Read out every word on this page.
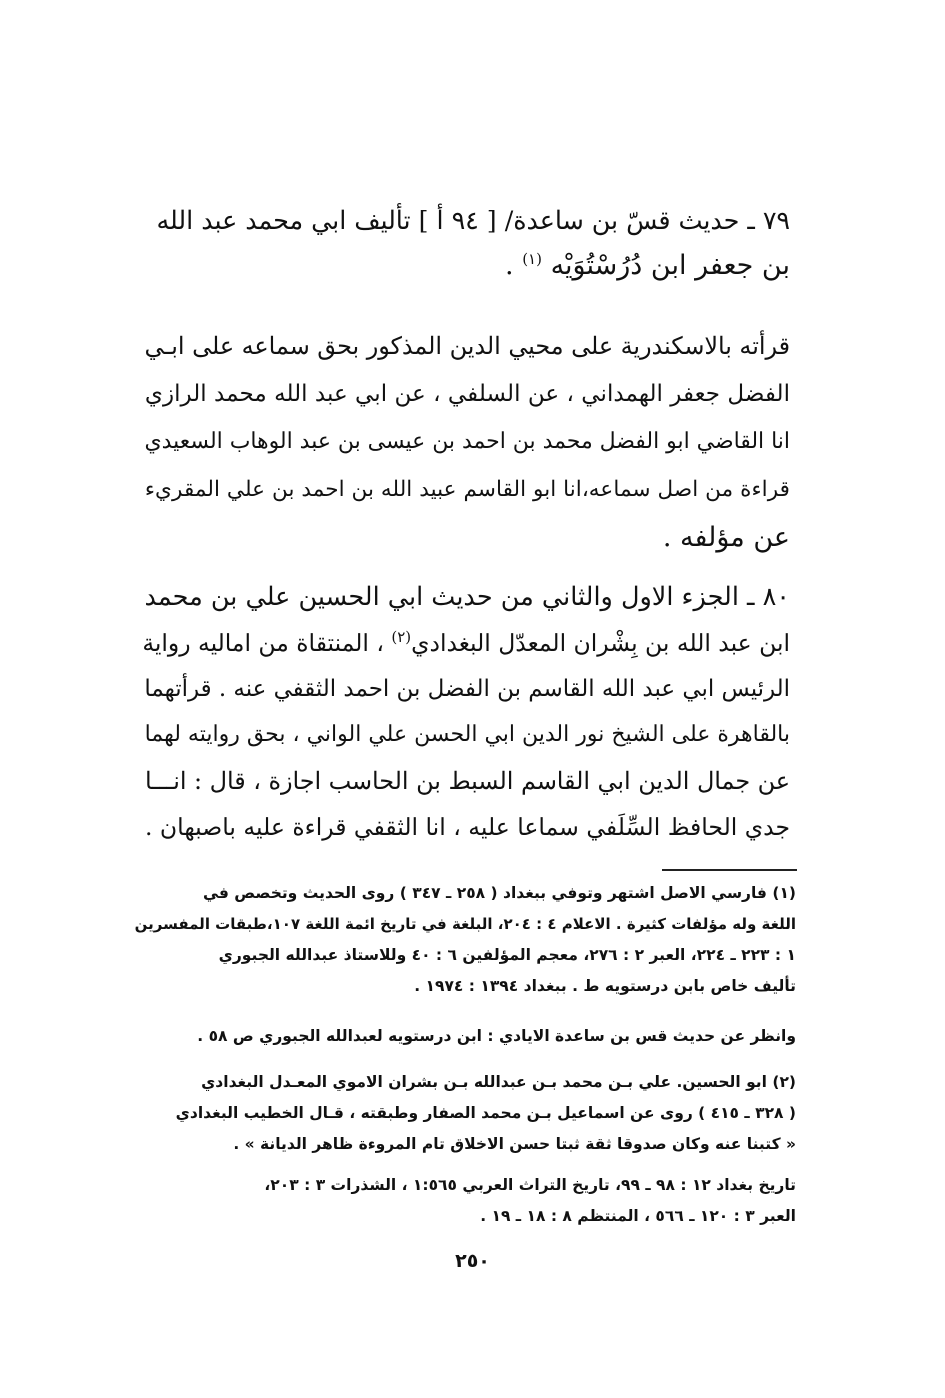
٧٩ ـ حديث قسّ بن ساعدة/ [ ٩٤ أ ] تأليف ابي محمد عبد الله
بن جعفر ابن دُرُسْتُوَيْه $^{(١)}$ .
قرأته بالاسكندرية على محيي الدين المذكور بحق سماعه على ابـي
الفضل جعفر الهمداني ، عن السلفي ، عن ابي عبد الله محمد الرازي
انا القاضي ابو الفضل محمد بن احمد بن عيسى بن عبد الوهاب السعيدي
قراءة من اصل سماعه،انا ابو القاسم عبيد الله بن احمد بن علي المقريء
عن مؤلفه .
٨٠ ـ الجزء الاول والثاني من حديث ابي الحسين علي بن محمد
ابن عبد الله بن بِشْران المعدّل البغدادي$^{(٢)}$ ، المنتقاة من اماليه رواية
الرئيس ابي عبد الله القاسم بن الفضل بن احمد الثقفي عنه . قرأتهما
بالقاهرة على الشيخ نور الدين ابي الحسن علي الواني ، بحق روايته لهما
عن جمال الدين ابي القاسم السبط بن الحاسب اجازة ، قال : انـــا
جدي الحافظ السِّلَفي سماعا عليه ، انا الثقفي قراءة عليه باصبهان .
(١) فارسي الاصل اشتهر وتوفي ببغداد ( ٢٥٨ ـ ٣٤٧ ) روى الحديث وتخصص في
اللغة وله مؤلفات كثيرة . الاعلام ٤ : ٢٠٤، البلغة في تاريخ ائمة اللغة ١٠٧،طبقات المفسرين
١ : ٢٢٣ ـ ٢٢٤، العبر ٢ : ٢٧٦، معجم المؤلفين ٦ : ٤٠ وللاستاذ عبدالله الجبوري
تأليف خاص بابن درستويه ط . ببغداد ١٣٩٤ : ١٩٧٤ .
وانظر عن حديث قس بن ساعدة الايادي : ابن درستويه لعبدالله الجبوري ص ٥٨ .
(٢) ابو الحسين. علي بـن محمد بـن عبدالله بـن بشران الاموي المعـدل البغدادي
( ٣٢٨ ـ ٤١٥ ) روى عن اسماعيل بـن محمد الصفار وطبقته ، قـال الخطيب البغدادي
« كتبنا عنه وكان صدوقا ثقة ثبتا حسن الاخلاق تام المروءة ظاهر الديانة » .
تاريخ بغداد ١٢ : ٩٨ ـ ٩٩، تاريخ التراث العربي ١:٥٦٥ ، الشذرات ٣ : ٢٠٣،
العبر ٣ : ١٢٠ ـ ٥٦٦ ، المنتظم ٨ : ١٨ ـ ١٩ .
٢٥٠
